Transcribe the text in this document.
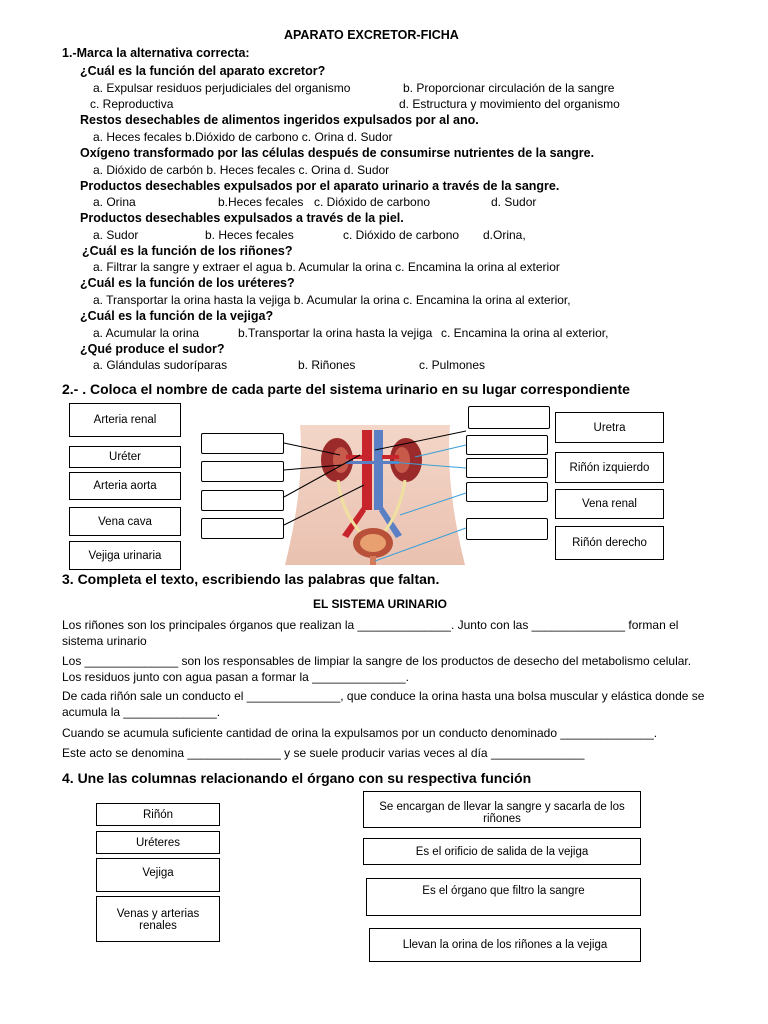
APARATO EXCRETOR-FICHA
1.-Marca la alternativa correcta:
¿Cuál es la función del aparato excretor?
a. Expulsar residuos perjudiciales del organismo	b. Proporcionar circulación de la sangre
c. Reproductiva	d. Estructura y movimiento del organismo
Restos desechables de alimentos ingeridos expulsados por al ano.
a. Heces fecales b.Dióxido de carbono c. Orina d. Sudor
Oxígeno transformado por las células después de consumirse nutrientes de la sangre.
a. Dióxido de carbón b. Heces fecales c. Orina d. Sudor
Productos desechables expulsados por el aparato urinario a través de la sangre.
a. Orina	b.Heces fecales c. Dióxido de carbono	d. Sudor
Productos desechables expulsados a través de la piel.
a. Sudor	b. Heces fecales	c. Dióxido de carbono d.Orina,
¿Cuál es la función de los riñones?
a. Filtrar la sangre y extraer el agua b. Acumular la orina c. Encamina la orina al exterior
¿Cuál es la función de los uréteres?
a. Transportar la orina hasta la vejiga b. Acumular la orina c. Encamina la orina al exterior,
¿Cuál es la función de la vejiga?
a. Acumular la orina	b.Transportar la orina hasta la vejiga c. Encamina la orina al exterior,
¿Qué produce el sudor?
a. Glándulas sudoríparas	b. Riñones	c. Pulmones
2.- . Coloca el nombre de cada parte del sistema urinario en su lugar correspondiente
Arteria renal
Uréter
Arteria aorta
Vena cava
Vejiga urinaria
Uretra
Riñón izquierdo
Vena renal
Riñón derecho
3. Completa el texto, escribiendo las palabras que faltan.
EL SISTEMA URINARIO
Los riñones son los principales órganos que realizan la ______________. Junto con las ______________ forman el sistema urinario
Los ______________ son los responsables de limpiar la sangre de los productos de desecho del metabolismo celular. Los residuos junto con agua pasan a formar la ______________.
De cada riñón sale un conducto el ______________, que conduce la orina hasta una bolsa muscular y elástica donde se acumula la ______________.
Cuando se acumula suficiente cantidad de orina la expulsamos por un conducto denominado ______________.
Este acto se denomina ______________ y se suele producir varias veces al día ______________
4. Une las columnas relacionando el órgano con su respectiva función
Riñón
Uréteres
Vejiga
Venas y arterias renales
Se encargan de llevar la sangre y sacarla de los riñones
Es el orificio de salida de la vejiga
Es el órgano que filtro la sangre
Llevan la orina de los riñones a la vejiga
